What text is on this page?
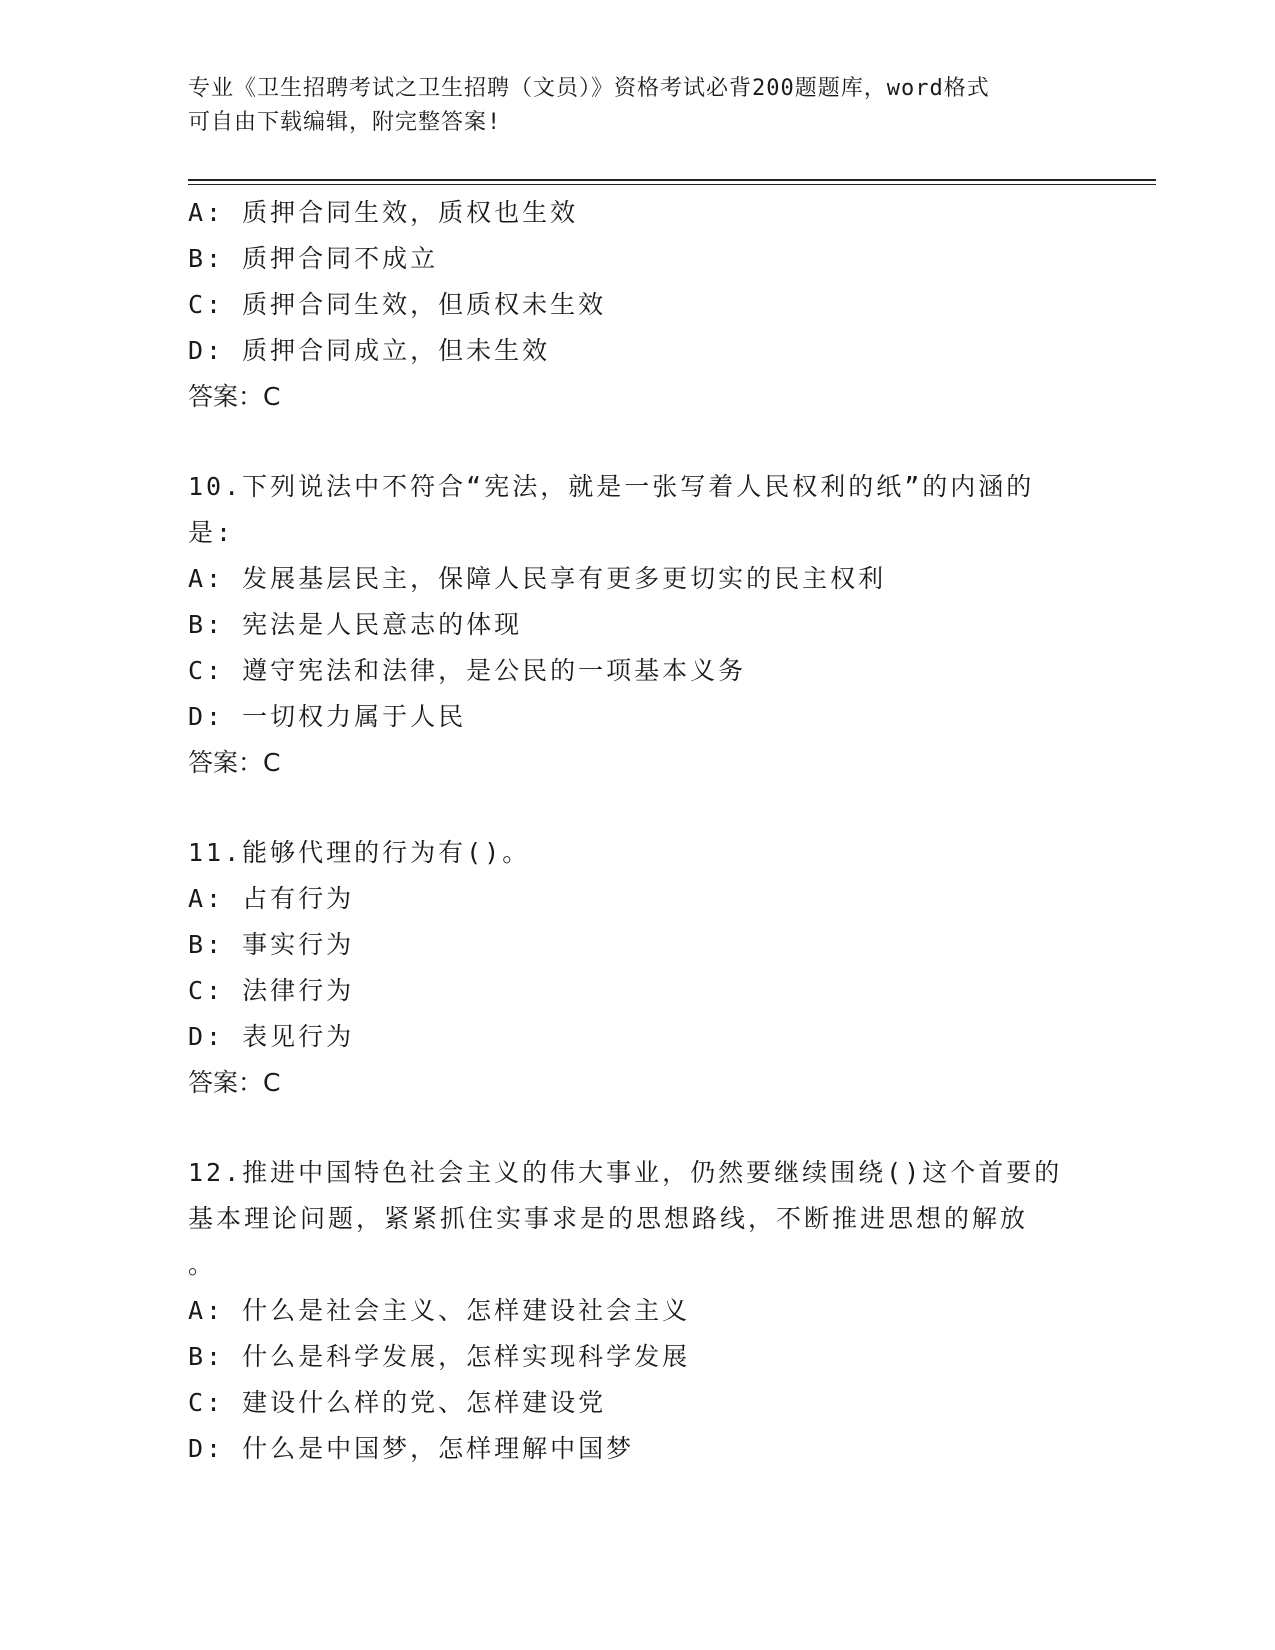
专业《卫生招聘考试之卫生招聘（文员）》资格考试必背200题题库，word格式
可自由下载编辑，附完整答案!
A: 质押合同生效，质权也生效
B: 质押合同不成立
C: 质押合同生效，但质权未生效
D: 质押合同成立，但未生效
答案：C
10.下列说法中不符合“宪法，就是一张写着人民权利的纸”的内涵的
是:
A: 发展基层民主，保障人民享有更多更切实的民主权利
B: 宪法是人民意志的体现
C: 遵守宪法和法律，是公民的一项基本义务
D: 一切权力属于人民
答案：C
11.能够代理的行为有()。
A: 占有行为
B: 事实行为
C: 法律行为
D: 表见行为
答案：C
12.推进中国特色社会主义的伟大事业，仍然要继续围绕()这个首要的
基本理论问题，紧紧抓住实事求是的思想路线，不断推进思想的解放
。
A: 什么是社会主义、怎样建设社会主义
B: 什么是科学发展，怎样实现科学发展
C: 建设什么样的党、怎样建设党
D: 什么是中国梦，怎样理解中国梦
